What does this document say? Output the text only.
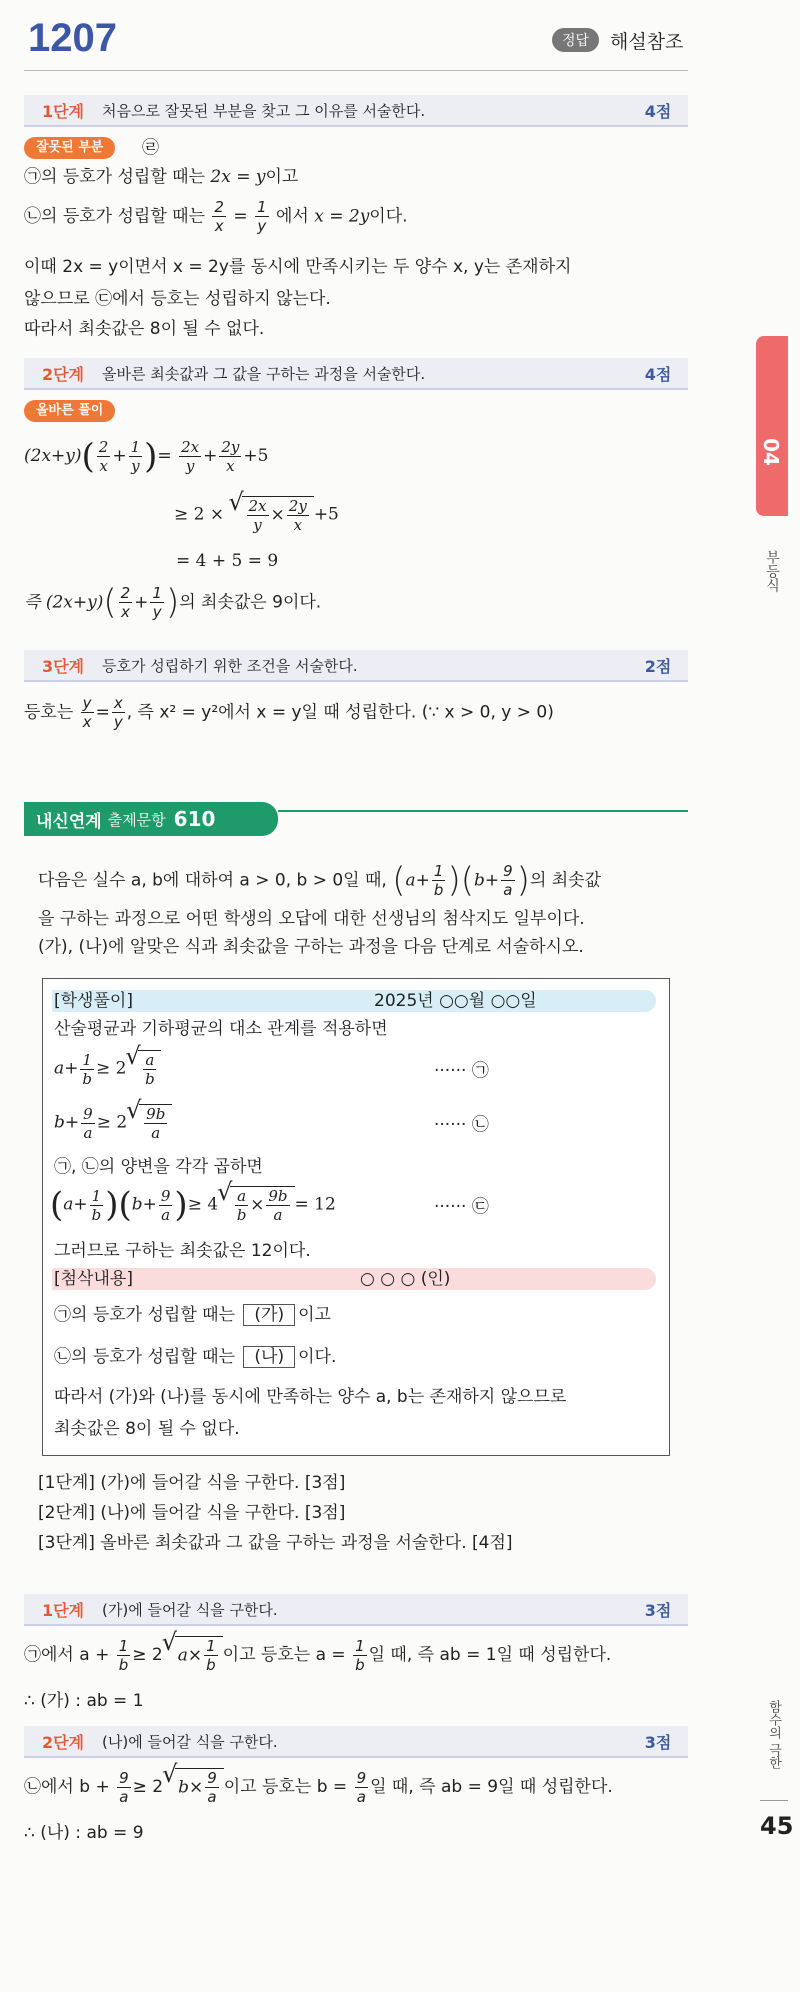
1207	정답	해설참조
04
부등식
함수의 극한
45
1단계	처음으로 잘못된 부분을 찾고 그 이유를 서술한다.	4점
잘못된 부분	㉣
㉠의 등호가 성립할 때는 2x = y이고
㉡의 등호가 성립할 때는 $\frac{2}{x} = \frac{1}{y}$ 에서 x = 2y이다.
이때 2x = y이면서 x = 2y를 동시에 만족시키는 두 양수 x, y는 존재하지
않으므로 ㉢에서 등호는 성립하지 않는다.
따라서 최솟값은 8이 될 수 없다.
2단계	올바른 최솟값과 그 값을 구하는 과정을 서술한다.	4점
올바른 풀이
$(2x+y)( \frac{2}{x} + \frac{1}{y}$ )= $\frac{2x}{y} + \frac{2y}{x} +5$
≥ 2 ×
√ $\frac{2x}{y} \times \frac{2y}{x} +5$
= 4 + 5 = 9
즉 $(2x+y)( \frac{2}{x} + \frac{1}{y}$ )의 최솟값은 9이다.
3단계	등호가 성립하기 위한 조건을 서술한다.	2점
등호는 $\frac{y}{x} = \frac{x}{y}$ , 즉 x² = y²에서 x = y일 때 성립한다. (∵ x > 0, y > 0)
내신연계 출제문항 610
다음은 실수 a, b에 대하여 a > 0, b > 0일 때, $(a+ \frac{1}{b} )(b+ \frac{9}{a}$ )의 최솟값
을 구하는 과정으로 어떤 학생의 오답에 대한 선생님의 첨삭지도 일부이다.
(가), (나)에 알맞은 식과 최솟값을 구하는 과정을 다음 단계로 서술하시오.
[학생풀이]	2025년 ○○월 ○○일
산술평균과 기하평균의 대소 관계를 적용하면
$a+ \frac{1}{b} \ge 2$
√ $\frac{a}{b}$	······ ㉠
$b+ \frac{9}{a} \ge 2$
√ $\frac{9b}{a}$	······ ㉡
㉠, ㉡의 양변을 각각 곱하면
$(a+ \frac{1}{b} )(b+ \frac{9}{a}$ )≥ 4
√ $\frac{a}{b} \times \frac{9b}{a} = 12$	······ ㉢
그러므로 구하는 최솟값은 12이다.
[첨삭내용]	○ ○ ○ (인)
㉠의 등호가 성립할 때는 (가) 이고
㉡의 등호가 성립할 때는 (나) 이다.
따라서 (가)와 (나)를 동시에 만족하는 양수 a, b는 존재하지 않으므로
최솟값은 8이 될 수 없다.
[1단계] (가)에 들어갈 식을 구한다. [3점]
[2단계] (나)에 들어갈 식을 구한다. [3점]
[3단계] 올바른 최솟값과 그 값을 구하는 과정을 서술한다. [4점]
1단계	(가)에 들어갈 식을 구한다.	3점
㉠에서 $a + \frac{1}{b} \ge 2√$ $a\times \frac{1}{b}$ 이고 등호는 $a = \frac{1}{b}$ 일 때, 즉 ab = 1일 때 성립한다.
∴ (가) : ab = 1
2단계	(나)에 들어갈 식을 구한다.	3점
㉡에서 $b + \frac{9}{a} \ge 2√$ $b\times \frac{9}{a}$ 이고 등호는 $b = \frac{9}{a}$ 일 때, 즉 ab = 9일 때 성립한다.
∴ (나) : ab = 9
